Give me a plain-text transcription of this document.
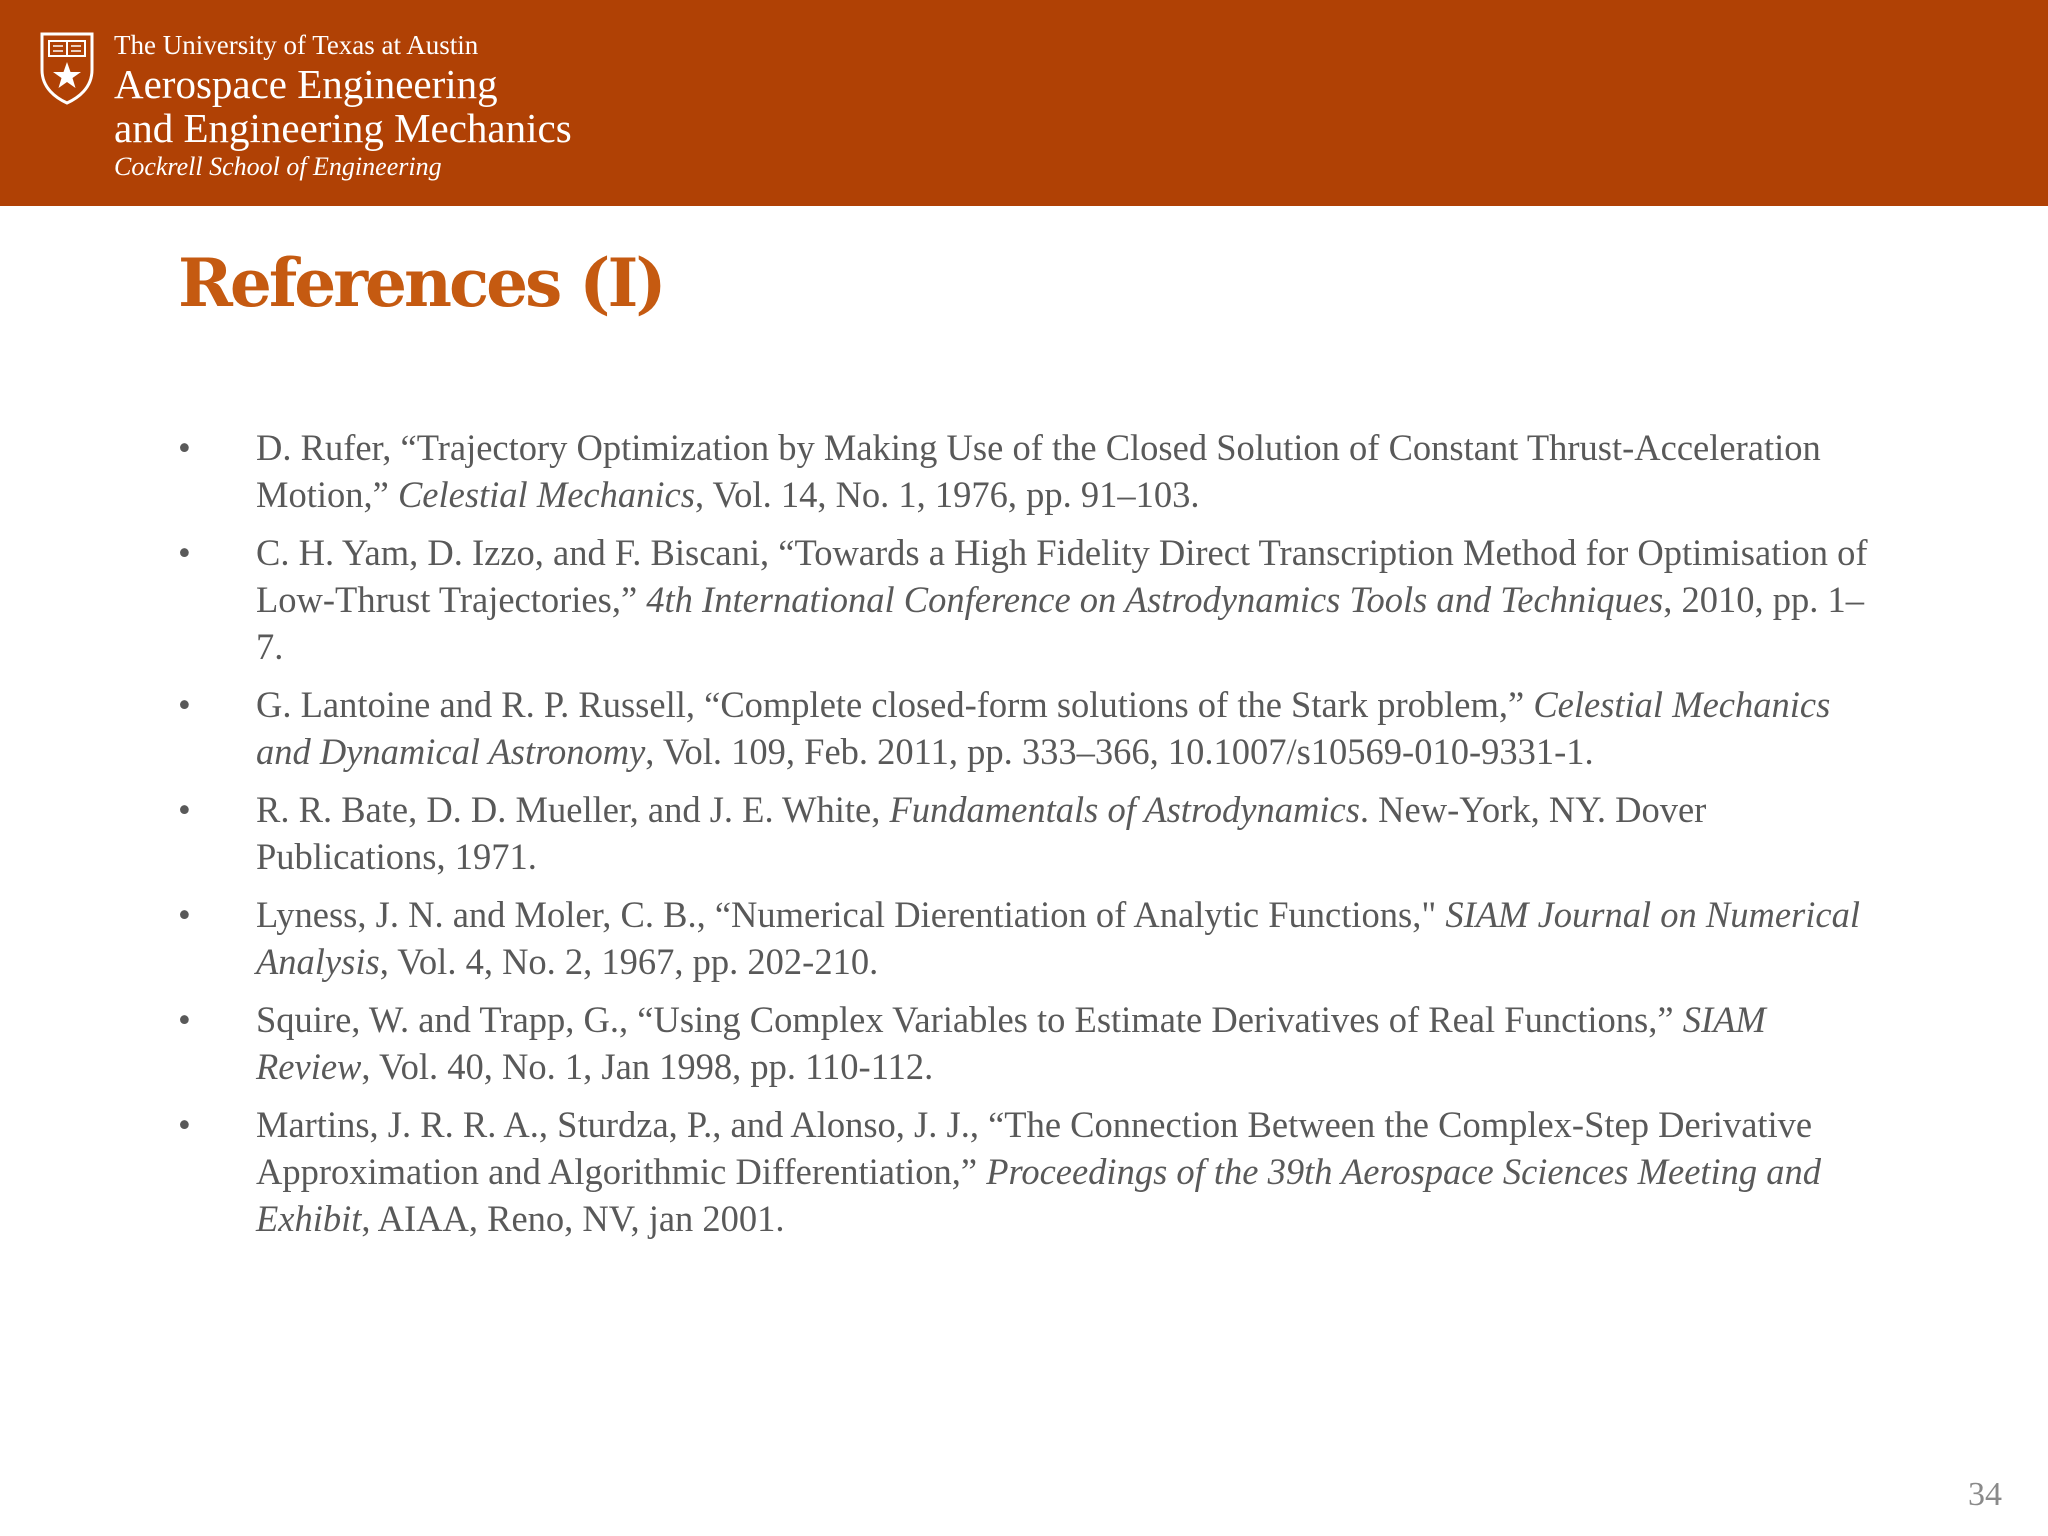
The University of Texas at Austin
Aerospace Engineering
and Engineering Mechanics
Cockrell School of Engineering
References (I)
•	D. Rufer, “Trajectory Optimization by Making Use of the Closed Solution of Constant Thrust-Acceleration Motion,” Celestial Mechanics, Vol. 14, No. 1, 1976, pp. 91–103.
•	C. H. Yam, D. Izzo, and F. Biscani, “Towards a High Fidelity Direct Transcription Method for Optimisation of Low-Thrust Trajectories,” 4th International Conference on Astrodynamics Tools and Techniques, 2010, pp. 1–7.
•	G. Lantoine and R. P. Russell, “Complete closed-form solutions of the Stark problem,” Celestial Mechanics and Dynamical Astronomy, Vol. 109, Feb. 2011, pp. 333–366, 10.1007/s10569-010-9331-1.
•	R. R. Bate, D. D. Mueller, and J. E. White, Fundamentals of Astrodynamics. New-York, NY. Dover Publications, 1971.
•	Lyness, J. N. and Moler, C. B., “Numerical Dierentiation of Analytic Functions," SIAM Journal on Numerical Analysis, Vol. 4, No. 2, 1967, pp. 202-210.
•	Squire, W. and Trapp, G., “Using Complex Variables to Estimate Derivatives of Real Functions,” SIAM Review, Vol. 40, No. 1, Jan 1998, pp. 110-112.
•	Martins, J. R. R. A., Sturdza, P., and Alonso, J. J., “The Connection Between the Complex-Step Derivative Approximation and Algorithmic Differentiation,” Proceedings of the 39th Aerospace Sciences Meeting and Exhibit, AIAA, Reno, NV, jan 2001.
34
